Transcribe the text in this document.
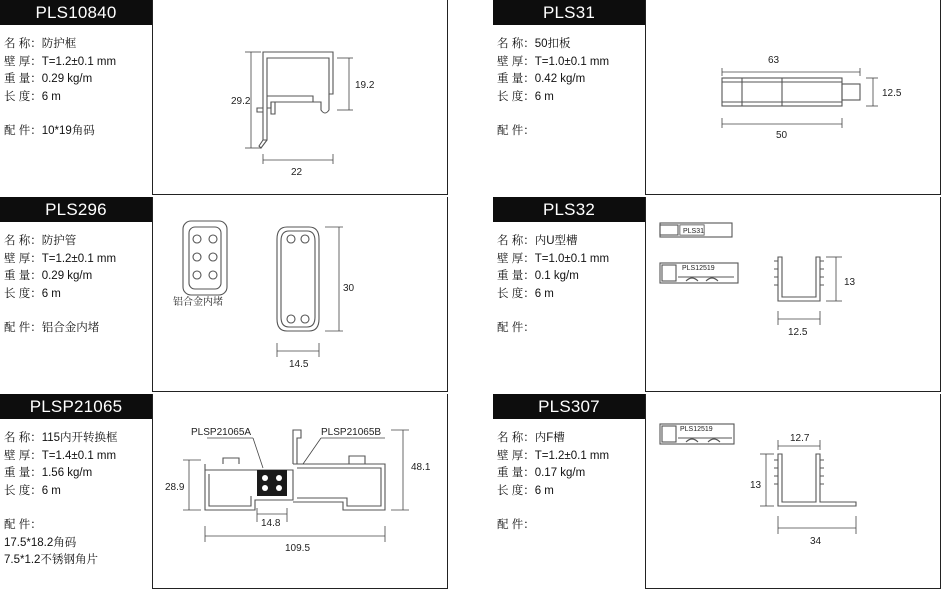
PLS10840
名 称：防护框
壁 厚：T=1.2±0.1 mm
重 量：0.29 kg/m
长 度：6 m
配 件：10*19角码
29.2
19.2
22
PLS31
名 称：50扣板
壁 厚：T=1.0±0.1 mm
重 量：0.42 kg/m
长 度：6 m
配 件：
63
12.5
50
PLS296
名 称：防护管
壁 厚：T=1.2±0.1 mm
重 量：0.29 kg/m
长 度：6 m
配 件：铝合金内堵
铝合金内堵
30
14.5
PLS32
名 称：内U型槽
壁 厚：T=1.0±0.1 mm
重 量：0.1 kg/m
长 度：6 m
配 件：
PLS31
PLS12519
13
12.5
PLSP21065
名 称：115内开转换框
壁 厚：T=1.4±0.1 mm
重 量：1.56 kg/m
长 度：6 m
配 件：
17.5*18.2角码
7.5*1.2不锈钢角片
PLSP21065A	PLSP21065B
28.9
48.1
14.8
109.5
PLS307
名 称：内F槽
壁 厚：T=1.2±0.1 mm
重 量：0.17 kg/m
长 度：6 m
配 件：
PLS12519
12.7
13
34
